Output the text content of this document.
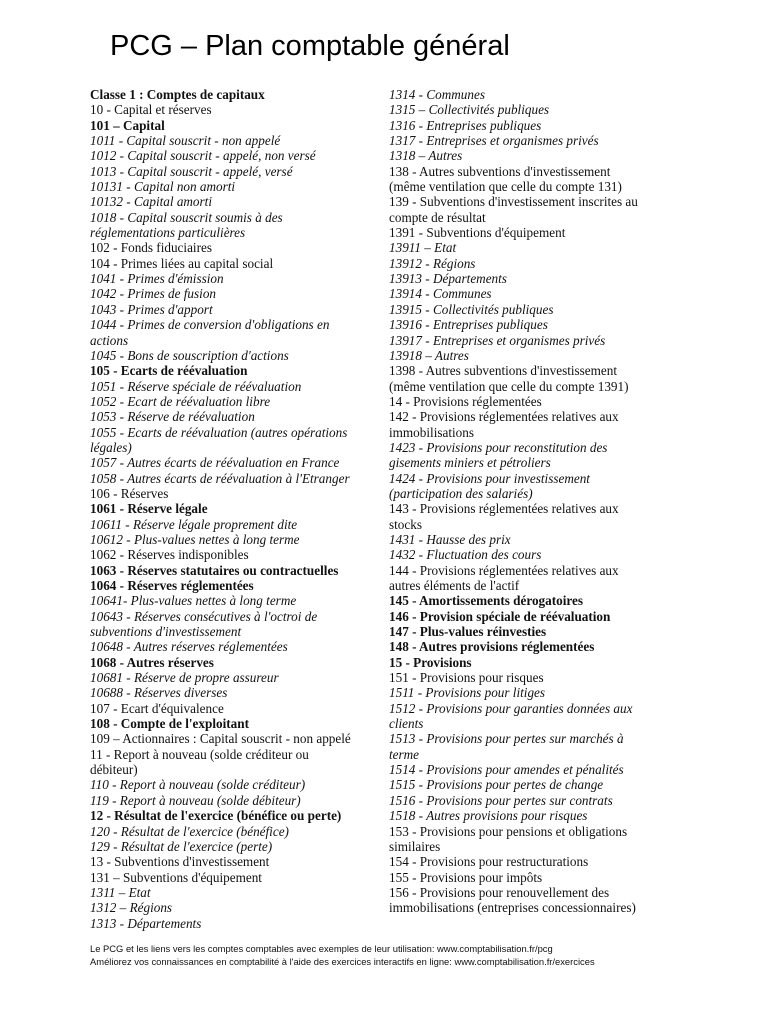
PCG – Plan comptable général
Classe 1 : Comptes de capitaux
10 - Capital et réserves
101 – Capital
1011 - Capital souscrit - non appelé
1012 - Capital souscrit - appelé, non versé
1013 - Capital souscrit - appelé, versé
10131 - Capital non amorti
10132 - Capital amorti
1018 - Capital souscrit soumis à des
réglementations particulières
102 - Fonds fiduciaires
104 - Primes liées au capital social
1041 - Primes d'émission
1042 - Primes de fusion
1043 - Primes d'apport
1044 - Primes de conversion d'obligations en
actions
1045 - Bons de souscription d'actions
105 - Ecarts de réévaluation
1051 - Réserve spéciale de réévaluation
1052 - Ecart de réévaluation libre
1053 - Réserve de réévaluation
1055 - Ecarts de réévaluation (autres opérations
légales)
1057 - Autres écarts de réévaluation en France
1058 - Autres écarts de réévaluation à l'Etranger
106 - Réserves
1061 - Réserve légale
10611 - Réserve légale proprement dite
10612 - Plus-values nettes à long terme
1062 - Réserves indisponibles
1063 - Réserves statutaires ou contractuelles
1064 - Réserves réglementées
10641- Plus-values nettes à long terme
10643 - Réserves consécutives à l'octroi de
subventions d'investissement
10648 - Autres réserves réglementées
1068 - Autres réserves
10681 - Réserve de propre assureur
10688 - Réserves diverses
107 - Ecart d'équivalence
108 - Compte de l'exploitant
109 – Actionnaires : Capital souscrit - non appelé
11 - Report à nouveau (solde créditeur ou
débiteur)
110 - Report à nouveau (solde créditeur)
119 - Report à nouveau (solde débiteur)
12 - Résultat de l'exercice (bénéfice ou perte)
120 - Résultat de l'exercice (bénéfice)
129 - Résultat de l'exercice (perte)
13 - Subventions d'investissement
131 – Subventions d'équipement
1311 – Etat
1312 – Régions
1313 - Départements
1314 - Communes
1315 – Collectivités publiques
1316 - Entreprises publiques
1317 - Entreprises et organismes privés
1318 – Autres
138 - Autres subventions d'investissement
(même ventilation que celle du compte 131)
139 - Subventions d'investissement inscrites au
compte de résultat
1391 - Subventions d'équipement
13911 – Etat
13912 - Régions
13913 - Départements
13914 - Communes
13915 - Collectivités publiques
13916 - Entreprises publiques
13917 - Entreprises et organismes privés
13918 – Autres
1398 - Autres subventions d'investissement
(même ventilation que celle du compte 1391)
14 - Provisions réglementées
142 - Provisions réglementées relatives aux
immobilisations
1423 - Provisions pour reconstitution des
gisements miniers et pétroliers
1424 - Provisions pour investissement
(participation des salariés)
143 - Provisions réglementées relatives aux
stocks
1431 - Hausse des prix
1432 - Fluctuation des cours
144 - Provisions réglementées relatives aux
autres éléments de l'actif
145 - Amortissements dérogatoires
146 - Provision spéciale de réévaluation
147 - Plus-values réinvesties
148 - Autres provisions réglementées
15 - Provisions
151 - Provisions pour risques
1511 - Provisions pour litiges
1512 - Provisions pour garanties données aux
clients
1513 - Provisions pour pertes sur marchés à
terme
1514 - Provisions pour amendes et pénalités
1515 - Provisions pour pertes de change
1516 - Provisions pour pertes sur contrats
1518 - Autres provisions pour risques
153 - Provisions pour pensions et obligations
similaires
154 - Provisions pour restructurations
155 - Provisions pour impôts
156 - Provisions pour renouvellement des
immobilisations (entreprises concessionnaires)
Le PCG et les liens vers les comptes comptables avec exemples de leur utilisation: www.comptabilisation.fr/pcg
Améliorez vos connaissances en comptabilité à l'aide des exercices interactifs en ligne: www.comptabilisation.fr/exercices
